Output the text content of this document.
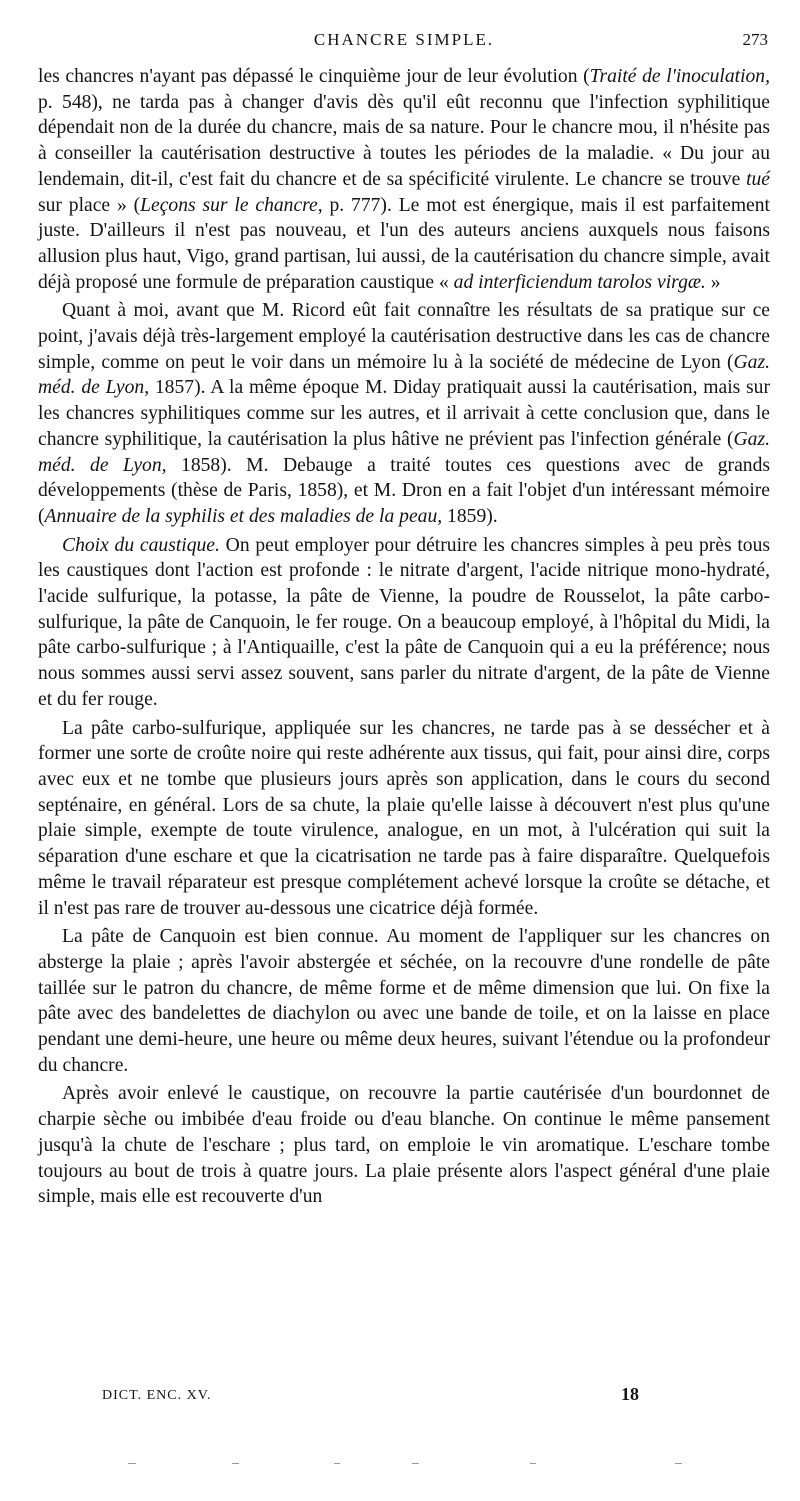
CHANCRE SIMPLE.	273

les chancres n'ayant pas dépassé le cinquième jour de leur évolution (Traité de l'inoculation, p. 548), ne tarda pas à changer d'avis dès qu'il eût reconnu que l'infection syphilitique dépendait non de la durée du chancre, mais de sa nature. Pour le chancre mou, il n'hésite pas à conseiller la cautérisation destructive à toutes les périodes de la maladie. « Du jour au lendemain, dit-il, c'est fait du chancre et de sa spécificité virulente. Le chancre se trouve tué sur place » (Leçons sur le chancre, p. 777). Le mot est énergique, mais il est parfaitement juste. D'ailleurs il n'est pas nouveau, et l'un des auteurs anciens auxquels nous faisons allusion plus haut, Vigo, grand partisan, lui aussi, de la cautérisation du chancre simple, avait déjà proposé une formule de préparation caustique « ad interficiendum tarolos virgæ. »

Quant à moi, avant que M. Ricord eût fait connaître les résultats de sa pratique sur ce point, j'avais déjà très-largement employé la cautérisation destructive dans les cas de chancre simple, comme on peut le voir dans un mémoire lu à la société de médecine de Lyon (Gaz. méd. de Lyon, 1857). A la même époque M. Diday pratiquait aussi la cautérisation, mais sur les chancres syphilitiques comme sur les autres, et il arrivait à cette conclusion que, dans le chancre syphilitique, la cautérisation la plus hâtive ne prévient pas l'infection générale (Gaz. méd. de Lyon, 1858). M. Debauge a traité toutes ces questions avec de grands développements (thèse de Paris, 1858), et M. Dron en a fait l'objet d'un intéressant mémoire (Annuaire de la syphilis et des maladies de la peau, 1859).

Choix du caustique. On peut employer pour détruire les chancres simples à peu près tous les caustiques dont l'action est profonde : le nitrate d'argent, l'acide nitrique mono-hydraté, l'acide sulfurique, la potasse, la pâte de Vienne, la poudre de Rousselot, la pâte carbo-sulfurique, la pâte de Canquoin, le fer rouge. On a beaucoup employé, à l'hôpital du Midi, la pâte carbo-sulfurique ; à l'Antiquaille, c'est la pâte de Canquoin qui a eu la préférence; nous nous sommes aussi servi assez souvent, sans parler du nitrate d'argent, de la pâte de Vienne et du fer rouge.

La pâte carbo-sulfurique, appliquée sur les chancres, ne tarde pas à se dessécher et à former une sorte de croûte noire qui reste adhérente aux tissus, qui fait, pour ainsi dire, corps avec eux et ne tombe que plusieurs jours après son application, dans le cours du second septénaire, en général. Lors de sa chute, la plaie qu'elle laisse à découvert n'est plus qu'une plaie simple, exempte de toute virulence, analogue, en un mot, à l'ulcération qui suit la séparation d'une eschare et que la cicatrisation ne tarde pas à faire disparaître. Quelquefois même le travail réparateur est presque complétement achevé lorsque la croûte se détache, et il n'est pas rare de trouver au-dessous une cicatrice déjà formée.

La pâte de Canquoin est bien connue. Au moment de l'appliquer sur les chancres on absterge la plaie ; après l'avoir abstergée et séchée, on la recouvre d'une rondelle de pâte taillée sur le patron du chancre, de même forme et de même dimension que lui. On fixe la pâte avec des bandelettes de diachylon ou avec une bande de toile, et on la laisse en place pendant une demi-heure, une heure ou même deux heures, suivant l'étendue ou la profondeur du chancre.

Après avoir enlevé le caustique, on recouvre la partie cautérisée d'un bourdonnet de charpie sèche ou imbibée d'eau froide ou d'eau blanche. On continue le même pansement jusqu'à la chute de l'eschare ; plus tard, on emploie le vin aromatique. L'eschare tombe toujours au bout de trois à quatre jours. La plaie présente alors l'aspect général d'une plaie simple, mais elle est recouverte d'un

DICT. ENC. XV.	18
